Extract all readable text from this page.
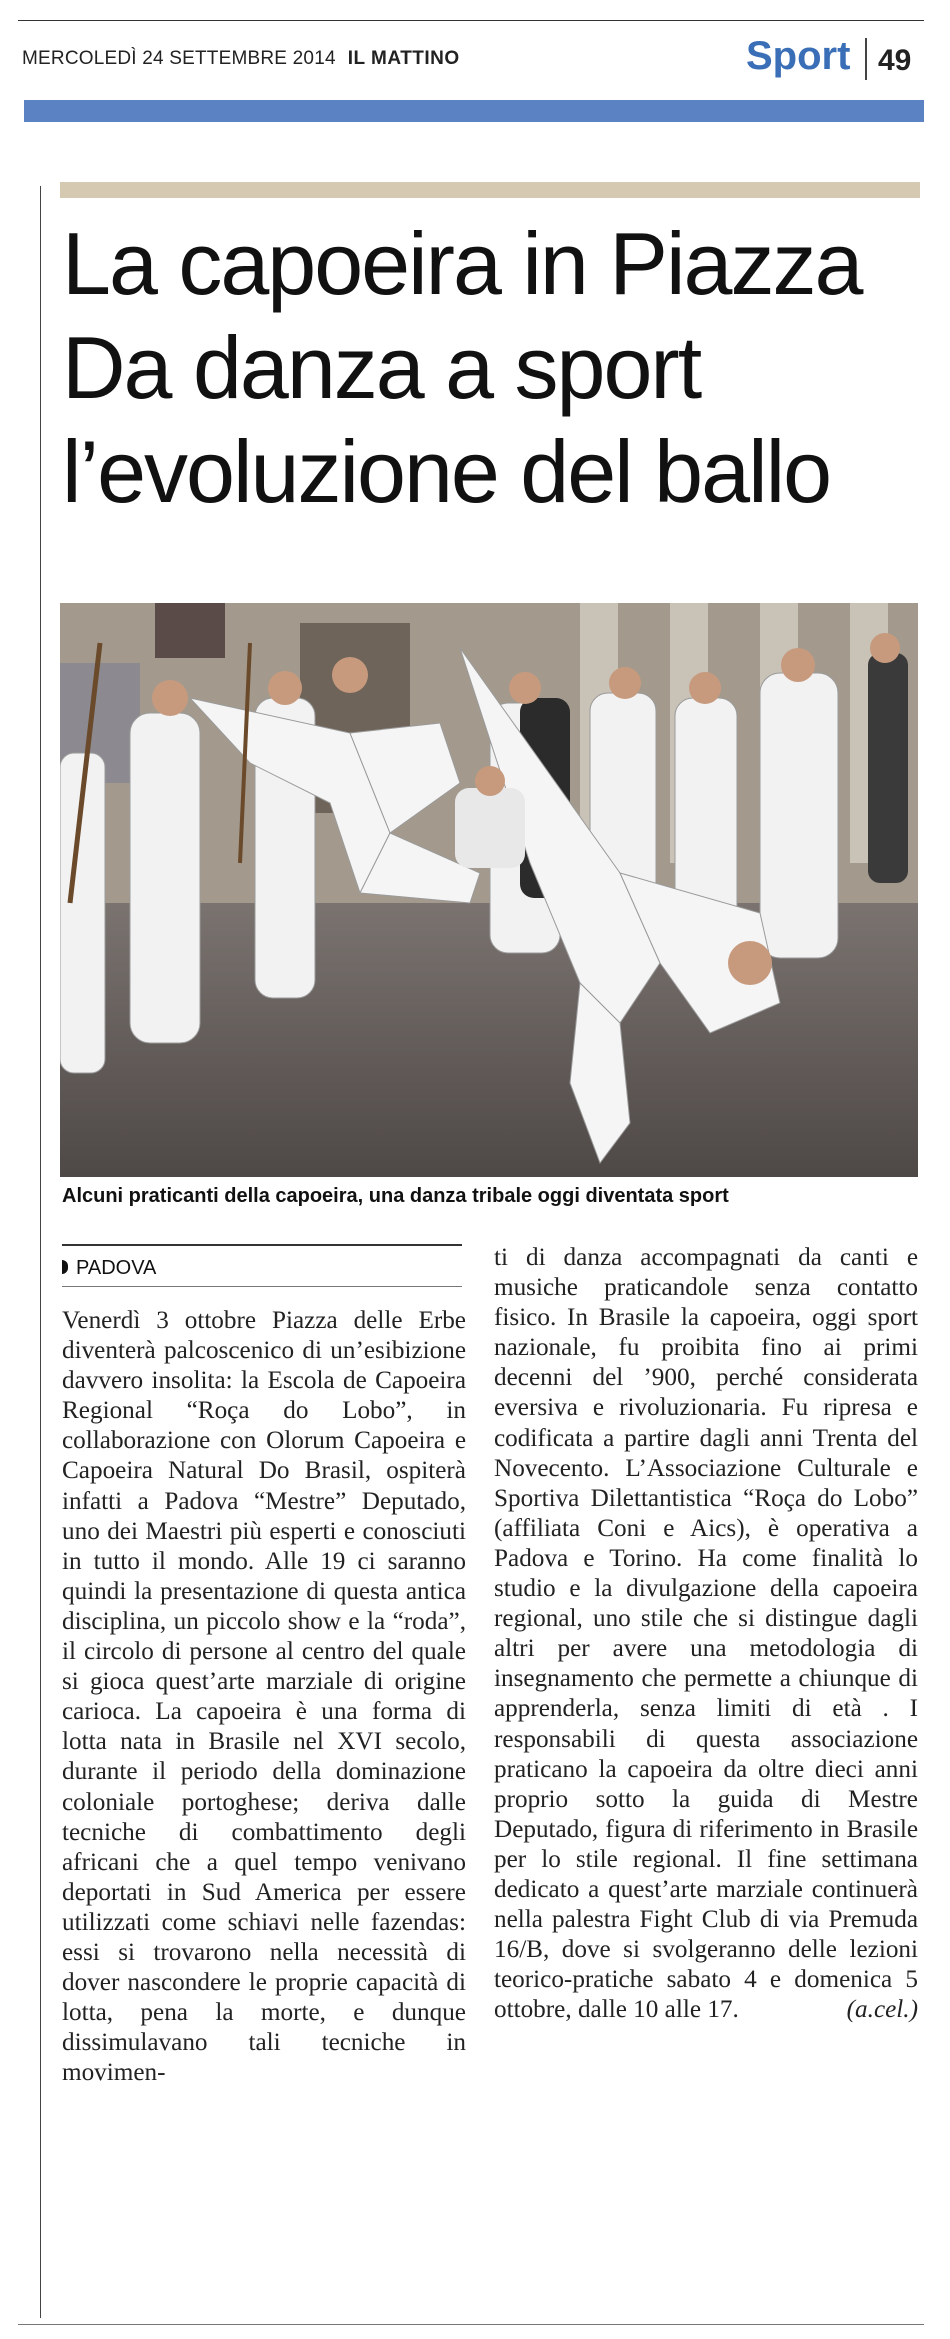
MERCOLEDÌ 24 SETTEMBRE 2014 IL MATTINO	Sport 49
La capoeira in Piazza
Da danza a sport
l’evoluzione del ballo
Alcuni praticanti della capoeira, una danza tribale oggi diventata sport
PADOVA

Venerdì 3 ottobre Piazza delle Erbe diventerà palcoscenico di un’esibizione davvero insolita: la Escola de Capoeira Regional “Roça do Lobo”, in collaborazione con Olorum Capoeira e Capoeira Natural Do Brasil, ospiterà infatti a Padova “Mestre” Deputado, uno dei Maestri più esperti e conosciuti in tutto il mondo. Alle 19 ci saranno quindi la presentazione di questa antica disciplina, un piccolo show e la “roda”, il circolo di persone al centro del quale si gioca quest’arte marziale di origine carioca. La capoeira è una forma di lotta nata in Brasile nel XVI secolo, durante il periodo della dominazione coloniale portoghese; deriva dalle tecniche di combattimento degli africani che a quel tempo venivano deportati in Sud America per essere utilizzati come schiavi nelle fazendas: essi si trovarono nella necessità di dover nascondere le proprie capacità di lotta, pena la morte, e dunque dissimulavano tali tecniche in movimen-

ti di danza accompagnati da canti e musiche praticandole senza contatto fisico. In Brasile la capoeira, oggi sport nazionale, fu proibita fino ai primi decenni del ’900, perché considerata eversiva e rivoluzionaria. Fu ripresa e codificata a partire dagli anni Trenta del Novecento. L’Associazione Culturale e Sportiva Dilettantistica “Roça do Lobo” (affiliata Coni e Aics), è operativa a Padova e Torino. Ha come finalità lo studio e la divulgazione della capoeira regional, uno stile che si distingue dagli altri per avere una metodologia di insegnamento che permette a chiunque di apprenderla, senza limiti di età . I responsabili di questa associazione praticano la capoeira da oltre dieci anni proprio sotto la guida di Mestre Deputado, figura di riferimento in Brasile per lo stile regional. Il fine settimana dedicato a quest’arte marziale continuerà nella palestra Fight Club di via Premuda 16/B, dove si svolgeranno delle lezioni teorico-pratiche sabato 4 e domenica 5 ottobre, dalle 10 alle 17.	(a.cel.)
